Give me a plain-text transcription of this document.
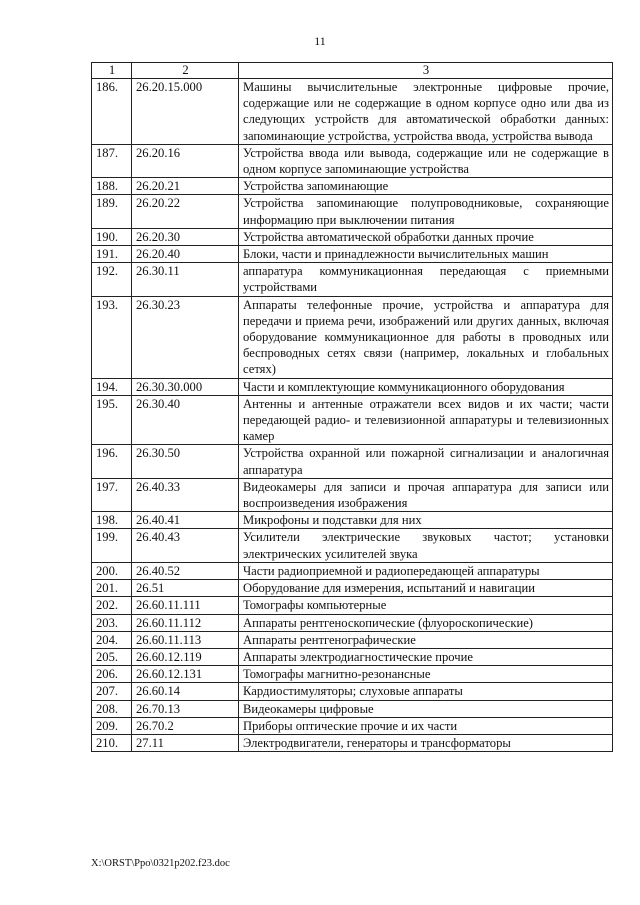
11
1	2	3
186.	26.20.15.000	Машины вычислительные электронные цифровые прочие, содержащие или не содержащие в одном корпусе одно или два из следующих устройств для автоматической обработки данных: запоминающие устройства, устройства ввода, устройства вывода
187.	26.20.16	Устройства ввода или вывода, содержащие или не содержащие в одном корпусе запоминающие устройства
188.	26.20.21	Устройства запоминающие
189.	26.20.22	Устройства запоминающие полупроводниковые, сохраняющие информацию при выключении питания
190.	26.20.30	Устройства автоматической обработки данных прочие
191.	26.20.40	Блоки, части и принадлежности вычислительных машин
192.	26.30.11	аппаратура коммуникационная передающая с приемными устройствами
193.	26.30.23	Аппараты телефонные прочие, устройства и аппаратура для передачи и приема речи, изображений или других данных, включая оборудование коммуникационное для работы в проводных или беспроводных сетях связи (например, локальных и глобальных сетях)
194.	26.30.30.000	Части и комплектующие коммуникационного оборудования
195.	26.30.40	Антенны и антенные отражатели всех видов и их части; части передающей радио- и телевизионной аппаратуры и телевизионных камер
196.	26.30.50	Устройства охранной или пожарной сигнализации и аналогичная аппаратура
197.	26.40.33	Видеокамеры для записи и прочая аппаратура для записи или воспроизведения изображения
198.	26.40.41	Микрофоны и подставки для них
199.	26.40.43	Усилители электрические звуковых частот; установки электрических усилителей звука
200.	26.40.52	Части радиоприемной и радиопередающей аппаратуры
201.	26.51	Оборудование для измерения, испытаний и навигации
202.	26.60.11.111	Томографы компьютерные
203.	26.60.11.112	Аппараты рентгеноскопические (флуороскопические)
204.	26.60.11.113	Аппараты рентгенографические
205.	26.60.12.119	Аппараты электродиагностические прочие
206.	26.60.12.131	Томографы магнитно-резонансные
207.	26.60.14	Кардиостимуляторы; слуховые аппараты
208.	26.70.13	Видеокамеры цифровые
209.	26.70.2	Приборы оптические прочие и их части
210.	27.11	Электродвигатели, генераторы и трансформаторы
X:\ORST\Ppo\0321p202.f23.doc
